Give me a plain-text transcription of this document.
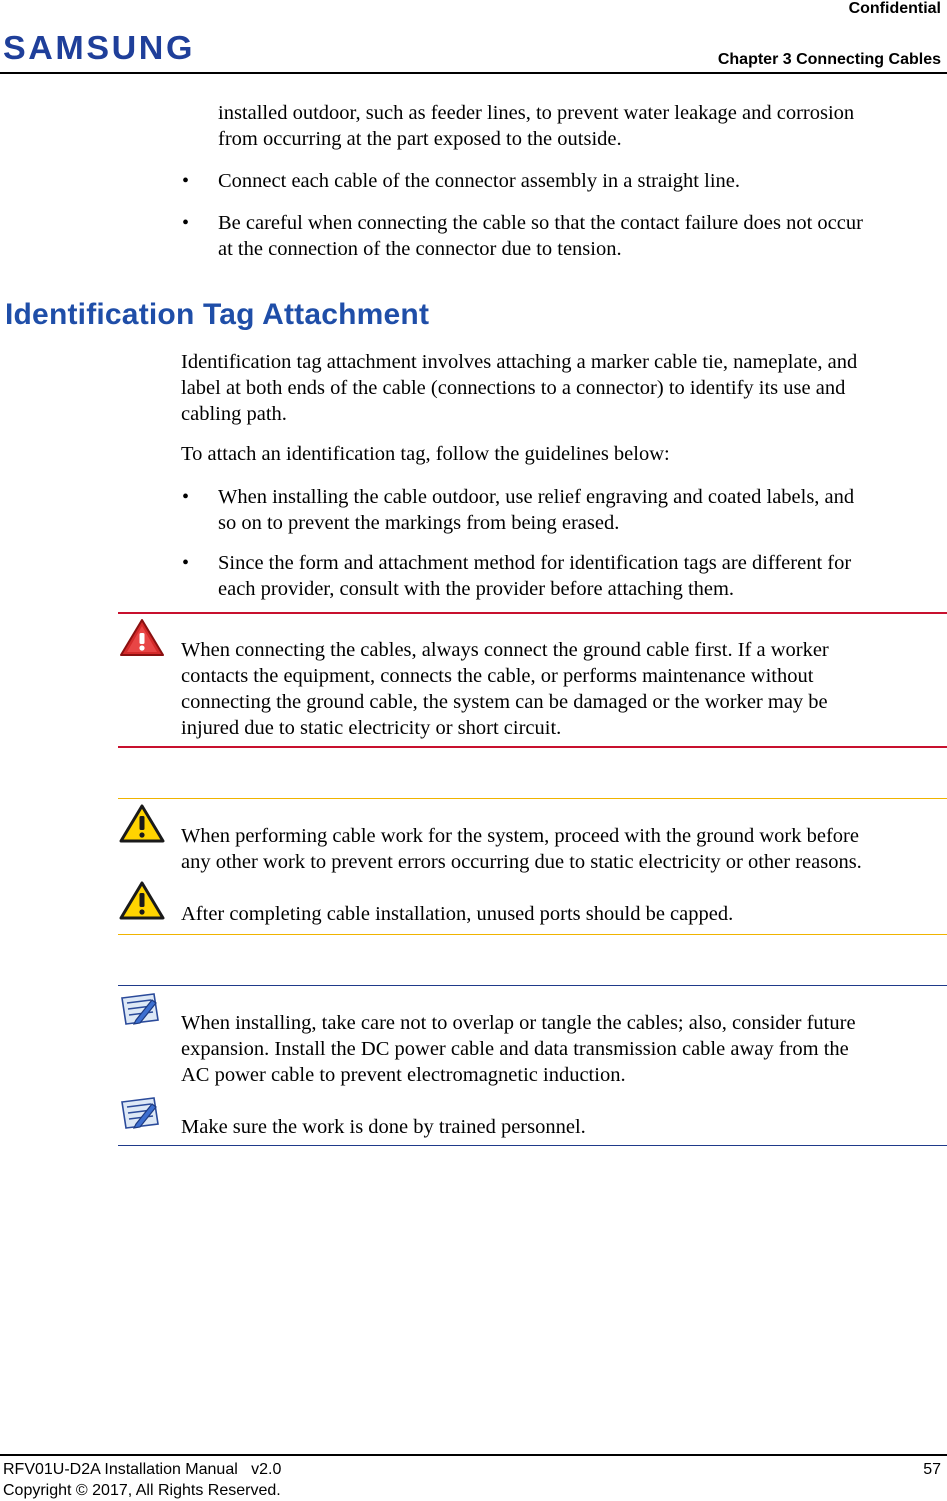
Confidential
SAMSUNG	Chapter 3 Connecting Cables
installed outdoor, such as feeder lines, to prevent water leakage and corrosion
from occurring at the part exposed to the outside.
• Connect each cable of the connector assembly in a straight line.
• Be careful when connecting the cable so that the contact failure does not occur
at the connection of the connector due to tension.
Identification Tag Attachment
Identification tag attachment involves attaching a marker cable tie, nameplate, and
label at both ends of the cable (connections to a connector) to identify its use and
cabling path.
To attach an identification tag, follow the guidelines below:
• When installing the cable outdoor, use relief engraving and coated labels, and
so on to prevent the markings from being erased.
• Since the form and attachment method for identification tags are different for
each provider, consult with the provider before attaching them.
When connecting the cables, always connect the ground cable first. If a worker
contacts the equipment, connects the cable, or performs maintenance without
connecting the ground cable, the system can be damaged or the worker may be
injured due to static electricity or short circuit.
When performing cable work for the system, proceed with the ground work before
any other work to prevent errors occurring due to static electricity or other reasons.
After completing cable installation, unused ports should be capped.
When installing, take care not to overlap or tangle the cables; also, consider future
expansion. Install the DC power cable and data transmission cable away from the
AC power cable to prevent electromagnetic induction.
Make sure the work is done by trained personnel.
RFV01U-D2A Installation Manual   v2.0
Copyright © 2017, All Rights Reserved.
57
